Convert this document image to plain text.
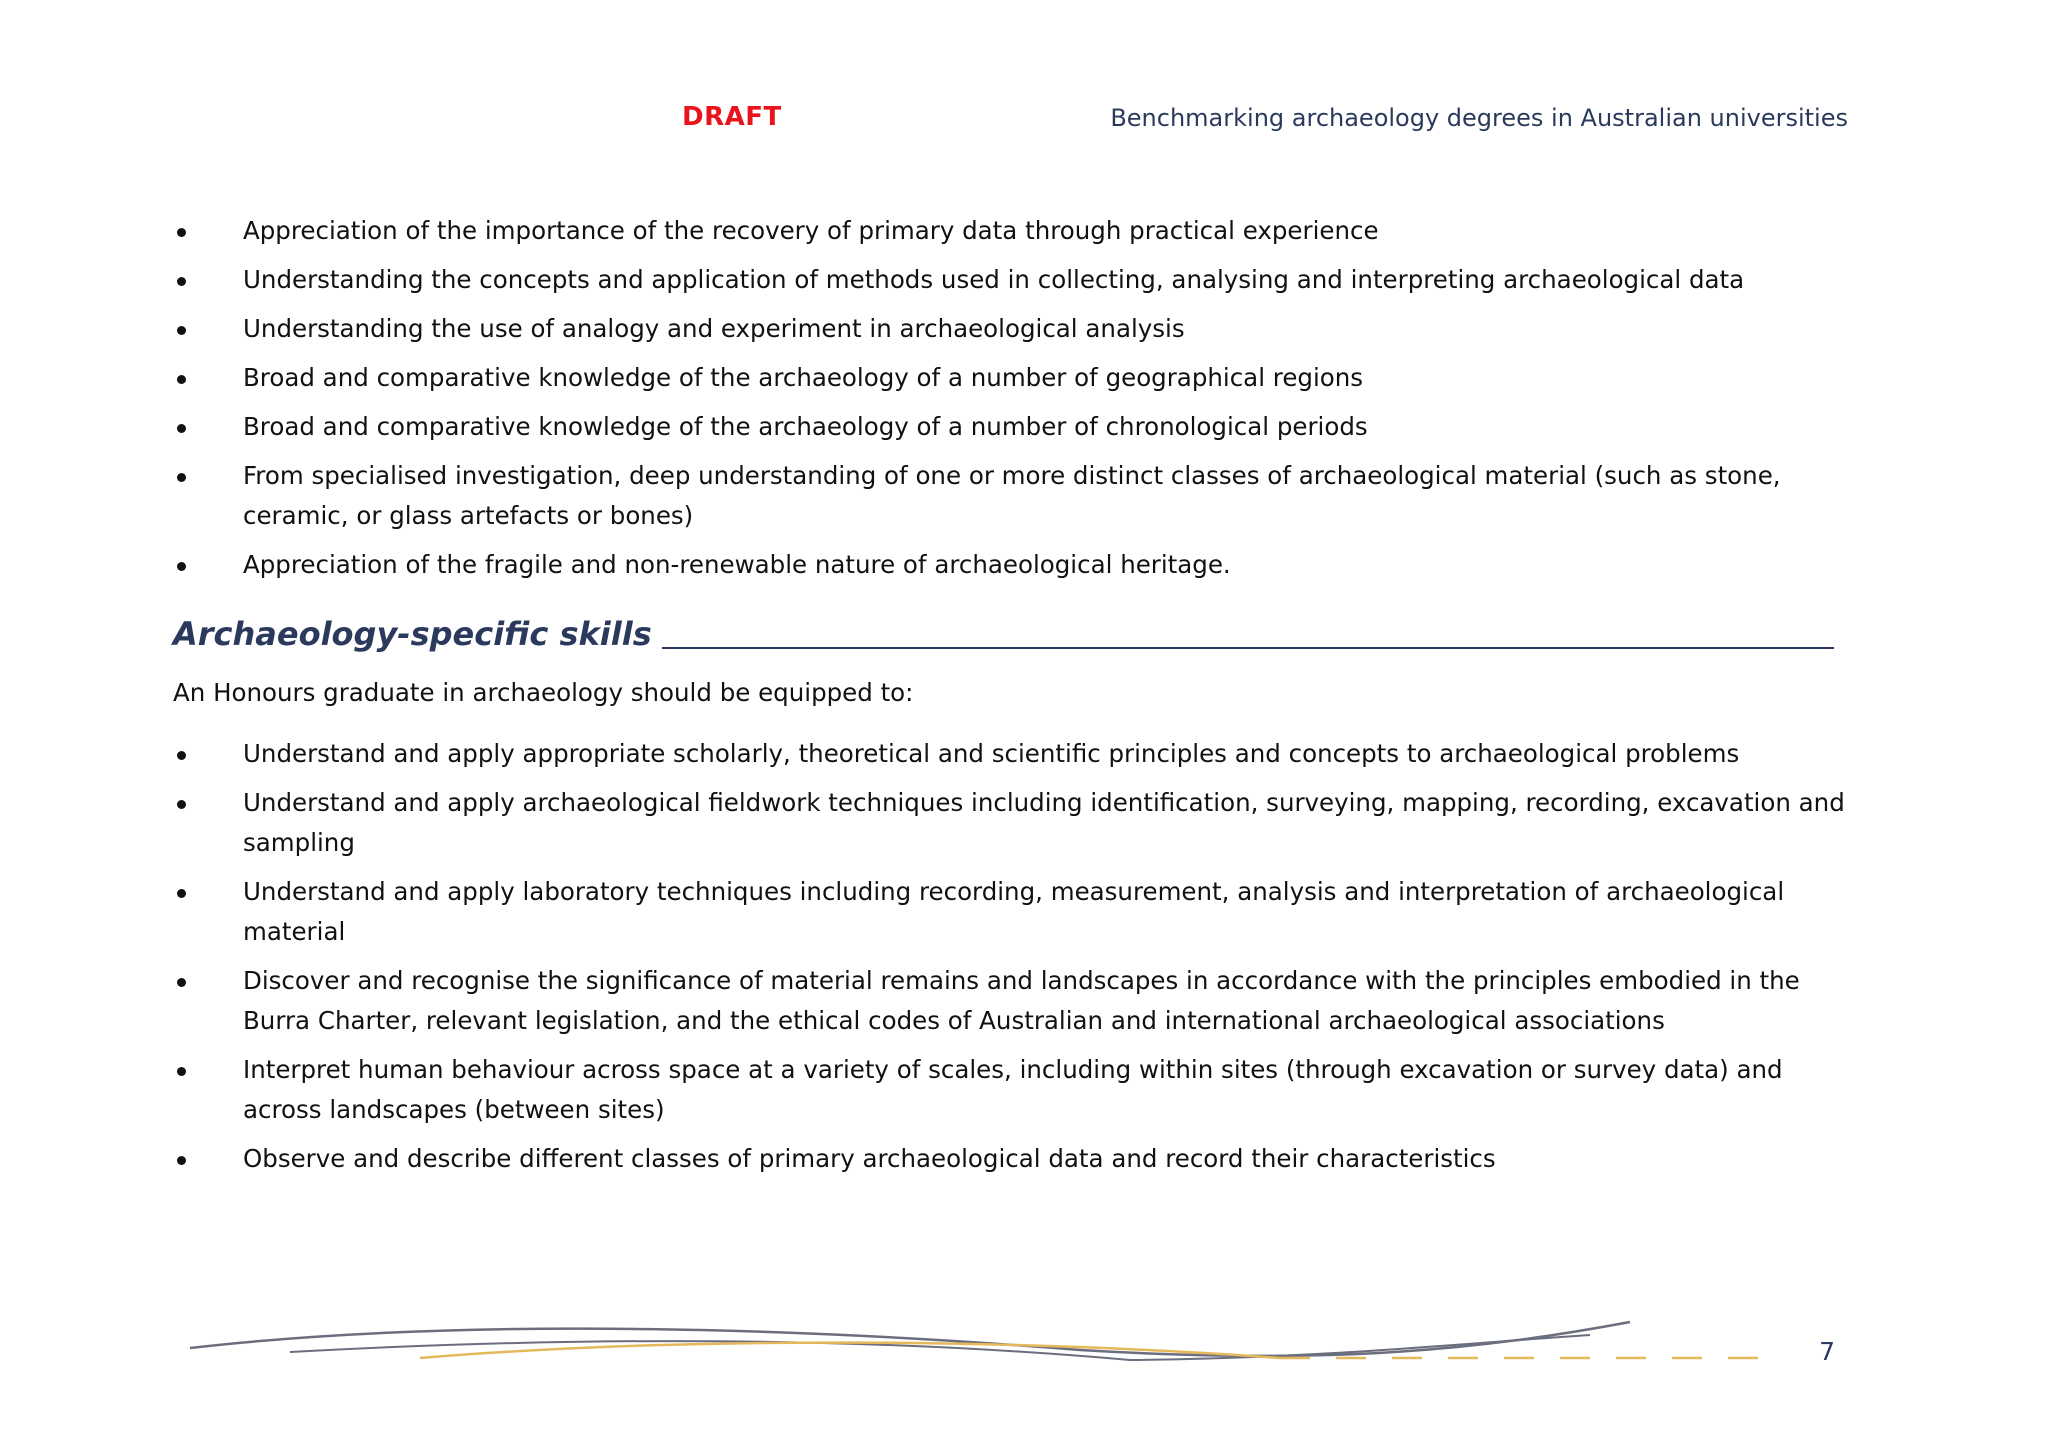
DRAFT	Benchmarking archaeology degrees in Australian universities
Appreciation of the importance of the recovery of primary data through practical experience
Understanding the concepts and application of methods used in collecting, analysing and interpreting archaeological data
Understanding the use of analogy and experiment in archaeological analysis
Broad and comparative knowledge of the archaeology of a number of geographical regions
Broad and comparative knowledge of the archaeology of a number of chronological periods
From specialised investigation, deep understanding of one or more distinct classes of archaeological material (such as stone, ceramic, or glass artefacts or bones)
Appreciation of the fragile and non-renewable nature of archaeological heritage.
Archaeology-specific skills
An Honours graduate in archaeology should be equipped to:
Understand and apply appropriate scholarly, theoretical and scientific principles and concepts to archaeological problems
Understand and apply archaeological fieldwork techniques including identification, surveying, mapping, recording, excavation and sampling
Understand and apply laboratory techniques including recording, measurement, analysis and interpretation of archaeological material
Discover and recognise the significance of material remains and landscapes in accordance with the principles embodied in the Burra Charter, relevant legislation, and the ethical codes of Australian and international archaeological associations
Interpret human behaviour across space at a variety of scales, including within sites (through excavation or survey data) and across landscapes (between sites)
Observe and describe different classes of primary archaeological data and record their characteristics
7
